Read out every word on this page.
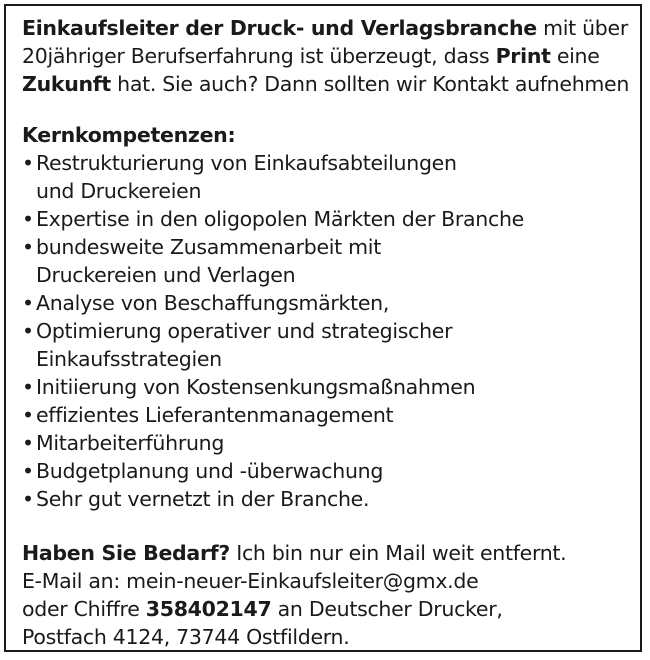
Einkaufsleiter der Druck- und Verlagsbranche mit über
20jähriger Berufserfahrung ist überzeugt, dass Print eine
Zukunft hat. Sie auch? Dann sollten wir Kontakt aufnehmen
Kernkompetenzen:
• Restrukturierung von Einkaufsabteilungen
und Druckereien
• Expertise in den oligopolen Märkten der Branche
• bundesweite Zusammenarbeit mit
Druckereien und Verlagen
• Analyse von Beschaffungsmärkten,
• Optimierung operativer und strategischer
Einkaufsstrategien
• Initiierung von Kostensenkungsmaßnahmen
• effizientes Lieferantenmanagement
• Mitarbeiterführung
• Budgetplanung und -überwachung
• Sehr gut vernetzt in der Branche.
Haben Sie Bedarf? Ich bin nur ein Mail weit entfernt.
E-Mail an: mein-neuer-Einkaufsleiter@gmx.de
oder Chiffre 358402147 an Deutscher Drucker,
Postfach 4124, 73744 Ostfildern.
